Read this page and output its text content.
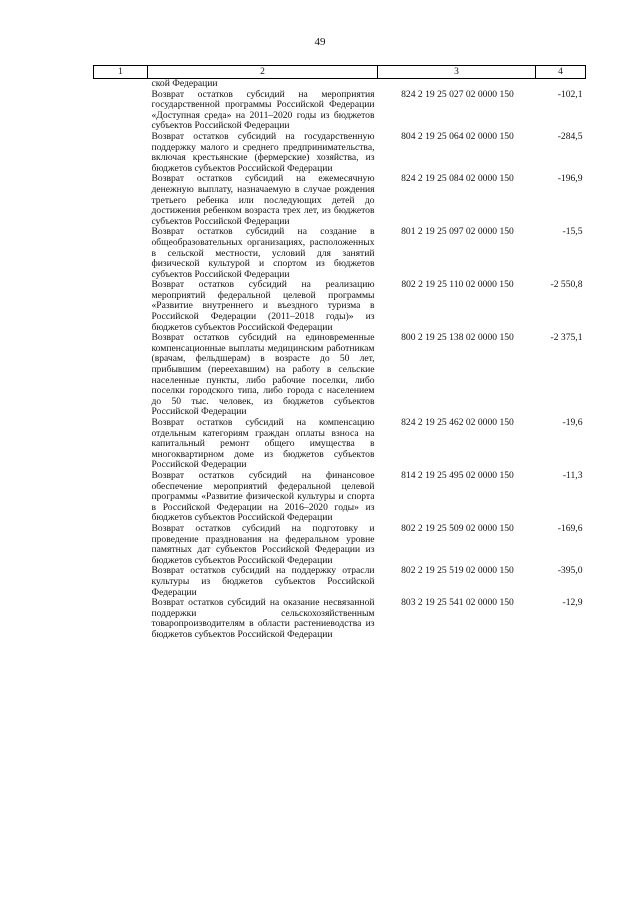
49
1	2	3	4
	ской Федерации		
	Возврат остатков субсидий на мероприятия государственной программы Российской Федерации «Доступная среда» на 2011–2020 годы из бюджетов субъектов Российской Федерации	824 2 19 25 027 02 0000 150	-102,1
	Возврат остатков субсидий на государственную поддержку малого и среднего предпринимательства, включая крестьянские (фермерские) хозяйства, из бюджетов субъектов Российской Федерации	804 2 19 25 064 02 0000 150	-284,5
	Возврат остатков субсидий на ежемесячную денежную выплату, назначаемую в случае рождения третьего ребенка или последующих детей до достижения ребенком возраста трех лет, из бюджетов субъектов Российской Федерации	824 2 19 25 084 02 0000 150	-196,9
	Возврат остатков субсидий на создание в общеобразовательных организациях, расположенных в сельской местности, условий для занятий физической культурой и спортом из бюджетов субъектов Российской Федерации	801 2 19 25 097 02 0000 150	-15,5
	Возврат остатков субсидий на реализацию мероприятий федеральной целевой программы «Развитие внутреннего и въездного туризма в Российской Федерации (2011–2018 годы)» из бюджетов субъектов Российской Федерации	802 2 19 25 110 02 0000 150	-2 550,8
	Возврат остатков субсидий на единовременные компенсационные выплаты медицинским работникам (врачам, фельдшерам) в возрасте до 50 лет, прибывшим (переехавшим) на работу в сельские населенные пункты, либо рабочие поселки, либо поселки городского типа, либо города с населением до 50 тыс. человек, из бюджетов субъектов Российской Федерации	800 2 19 25 138 02 0000 150	-2 375,1
	Возврат остатков субсидий на компенсацию отдельным категориям граждан оплаты взноса на капитальный ремонт общего имущества в многоквартирном доме из бюджетов субъектов Российской Федерации	824 2 19 25 462 02 0000 150	-19,6
	Возврат остатков субсидий на финансовое обеспечение мероприятий федеральной целевой программы «Развитие физической культуры и спорта в Российской Федерации на 2016–2020 годы» из бюджетов субъектов Российской Федерации	814 2 19 25 495 02 0000 150	-11,3
	Возврат остатков субсидий на подготовку и проведение празднования на федеральном уровне памятных дат субъектов Российской Федерации из бюджетов субъектов Российской Федерации	802 2 19 25 509 02 0000 150	-169,6
	Возврат остатков субсидий на поддержку отрасли культуры из бюджетов субъектов Российской Федерации	802 2 19 25 519 02 0000 150	-395,0
	Возврат остатков субсидий на оказание несвязанной поддержки сельскохозяйственным товаропроизводителям в области растениеводства из бюджетов субъектов Российской Федерации	803 2 19 25 541 02 0000 150	-12,9
